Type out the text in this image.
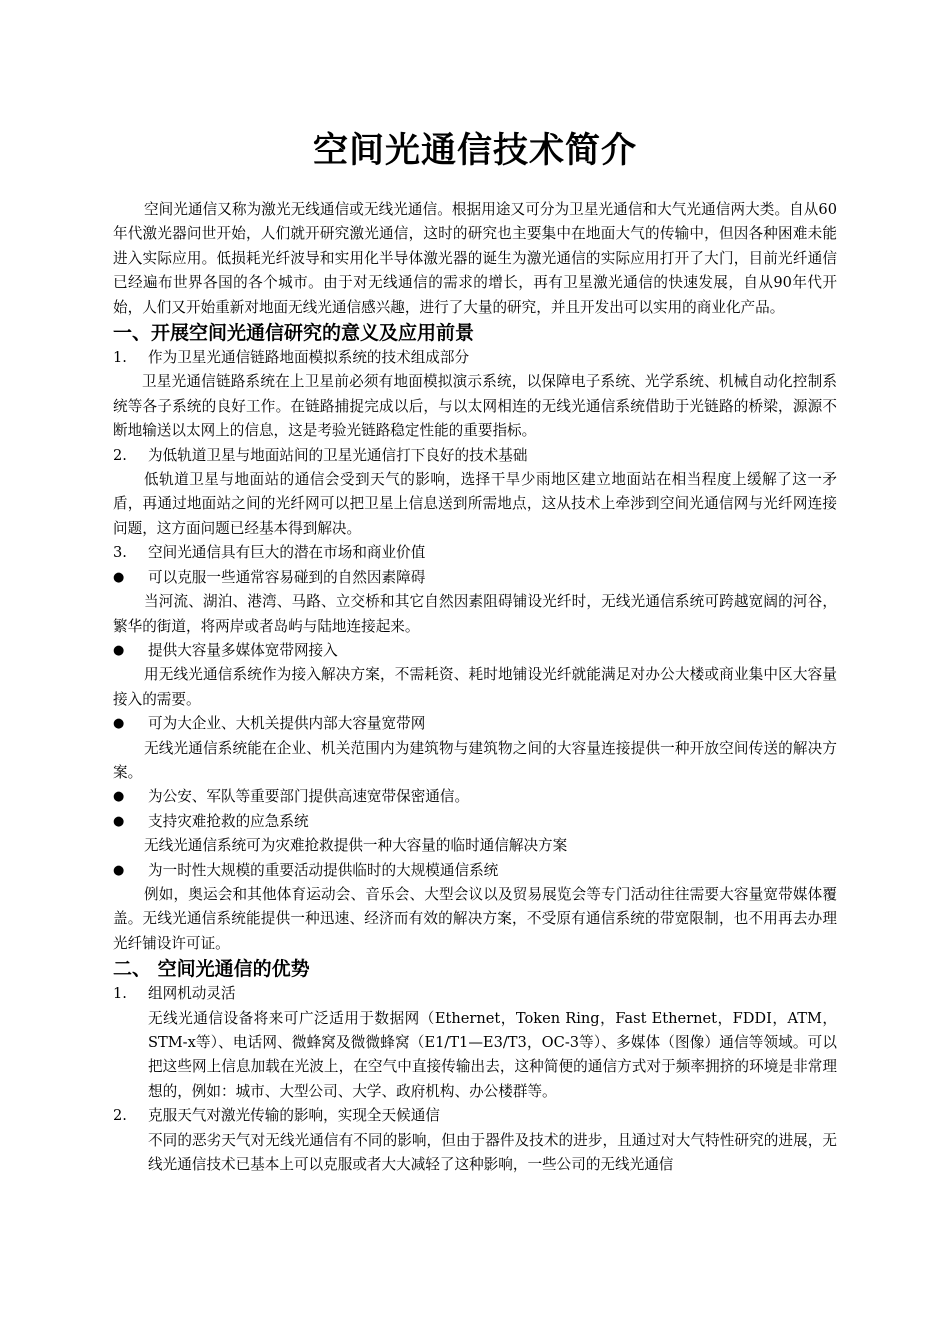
空间光通信技术简介

空间光通信又称为激光无线通信或无线光通信。根据用途又可分为卫星光通信和大气光通信两大类。自从60年代激光器问世开始，人们就开研究激光通信，这时的研究也主要集中在地面大气的传输中，但因各种困难未能进入实际应用。低损耗光纤波导和实用化半导体激光器的诞生为激光通信的实际应用打开了大门，目前光纤通信已经遍布世界各国的各个城市。由于对无线通信的需求的增长，再有卫星激光通信的快速发展，自从90年代开始，人们又开始重新对地面无线光通信感兴趣，进行了大量的研究，并且开发出可以实用的商业化产品。

一、开展空间光通信研究的意义及应用前景

1.	作为卫星光通信链路地面模拟系统的技术组成部分

卫星光通信链路系统在上卫星前必须有地面模拟演示系统，以保障电子系统、光学系统、机械自动化控制系统等各子系统的良好工作。在链路捕捉完成以后，与以太网相连的无线光通信系统借助于光链路的桥梁，源源不断地输送以太网上的信息，这是考验光链路稳定性能的重要指标。

2.	为低轨道卫星与地面站间的卫星光通信打下良好的技术基础

低轨道卫星与地面站的通信会受到天气的影响，选择干旱少雨地区建立地面站在相当程度上缓解了这一矛盾，再通过地面站之间的光纤网可以把卫星上信息送到所需地点，这从技术上牵涉到空间光通信网与光纤网连接问题，这方面问题已经基本得到解决。

3.	空间光通信具有巨大的潜在市场和商业价值
●	可以克服一些通常容易碰到的自然因素障碍

当河流、湖泊、港湾、马路、立交桥和其它自然因素阻碍铺设光纤时，无线光通信系统可跨越宽阔的河谷，繁华的街道，将两岸或者岛屿与陆地连接起来。

●	提供大容量多媒体宽带网接入

用无线光通信系统作为接入解决方案，不需耗资、耗时地铺设光纤就能满足对办公大楼或商业集中区大容量接入的需要。

●	可为大企业、大机关提供内部大容量宽带网

无线光通信系统能在企业、机关范围内为建筑物与建筑物之间的大容量连接提供一种开放空间传送的解决方案。

●	为公安、军队等重要部门提供高速宽带保密通信。
●	支持灾难抢救的应急系统

无线光通信系统可为灾难抢救提供一种大容量的临时通信解决方案

●	为一时性大规模的重要活动提供临时的大规模通信系统

例如，奥运会和其他体育运动会、音乐会、大型会议以及贸易展览会等专门活动往往需要大容量宽带媒体覆盖。无线光通信系统能提供一种迅速、经济而有效的解决方案，不受原有通信系统的带宽限制，也不用再去办理光纤铺设许可证。

二、 空间光通信的优势

1.	组网机动灵活

无线光通信设备将来可广泛适用于数据网（Ethernet，Token Ring，Fast Ethernet，FDDI，ATM，STM-x等）、电话网、微蜂窝及微微蜂窝（E1/T1—E3/T3，OC-3等）、多媒体（图像）通信等领域。可以把这些网上信息加载在光波上，在空气中直接传输出去，这种简便的通信方式对于频率拥挤的环境是非常理想的，例如：城市、大型公司、大学、政府机构、办公楼群等。

2.	克服天气对激光传输的影响，实现全天候通信

不同的恶劣天气对无线光通信有不同的影响，但由于器件及技术的进步，且通过对大气特性研究的进展，无线光通信技术已基本上可以克服或者大大减轻了这种影响，一些公司的无线光通信
